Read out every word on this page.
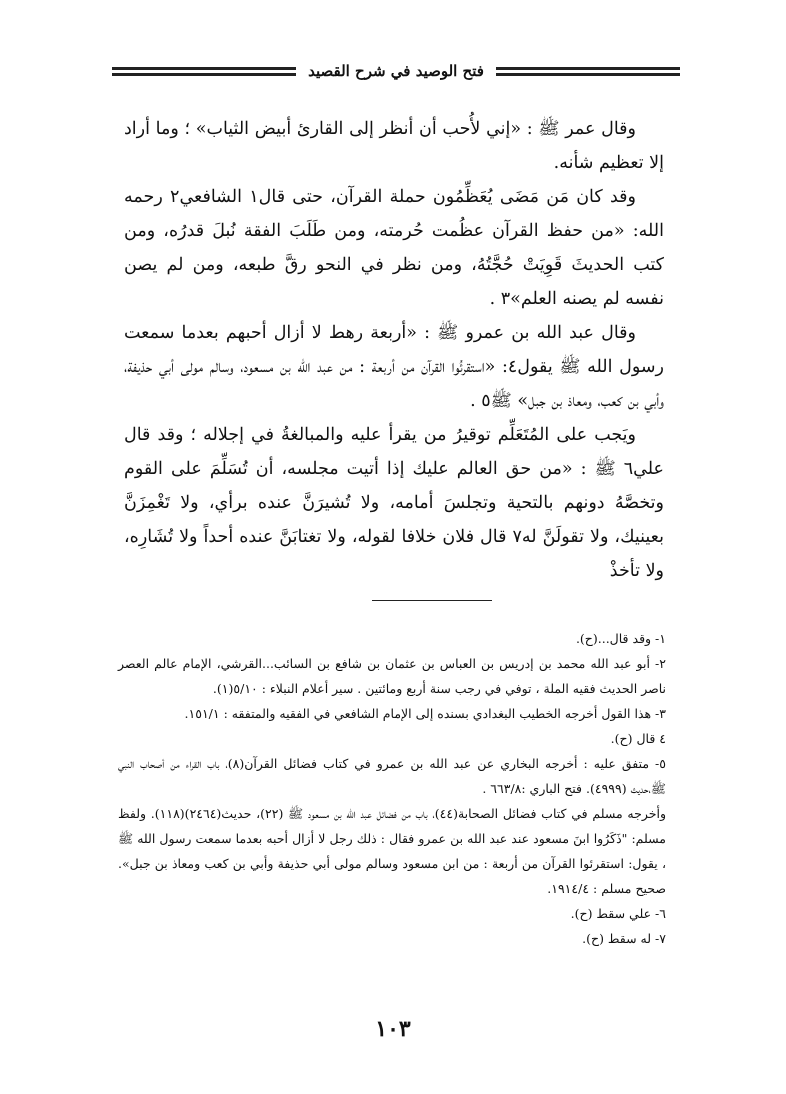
فتح الوصيد في شرح القصيد

وقال عمر ﷺ : «إني لأُحب أن أنظر إلى القارئ أبيض الثياب» ؛ وما أراد إلا تعظيم شأنه.

وقد كان مَن مَضَى يُعَظِّمُون حملة القرآن، حتى قال١ الشافعي٢ رحمه الله: «من حفظ القرآن عظُمت حُرمته، ومن طَلَبَ الفقة نُبلَ قدرُه، ومن كتب الحديثَ قَوِيَتْ حُجَّتُهُ، ومن نظر في النحو رقَّ طبعه، ومن لم يصن نفسه لم يصنه العلم»٣ .

وقال عبد الله بن عمرو ﷺ : «أربعة رهط لا أزال أحبهم بعدما سمعت رسول الله ﷺ يقول٤: «استقرئُوا القرآن من أربعة : من عبد الله بن مسعود، وسالم مولى أبي حذيفة، وأبي بن كعب، ومعاذ بن جبل» ﷺ٥ .

ويَجب على المُتَعَلِّم توقيرُ من يقرأ عليه والمبالغةُ في إجلاله ؛ وقد قال علي٦ ﷺ : «من حق العالم عليك إذا أتيت مجلسه، أن تُسَلِّمَ على القوم وتخصَّهُ دونهم بالتحية وتجلسَ أمامه، ولا تُشيرَنَّ عنده برأي، ولا تَغْمِزَنَّ بعينيك، ولا تقولَنَّ له٧ قال فلان خلافا لقوله، ولا تغتابَنَّ عنده أحداً ولا تُشَارِه، ولا تأخذْ

١- وقد قال...(ح).

٢- أبو عبد الله محمد بن إدريس بن العباس بن عثمان بن شافع بن السائب...القرشي، الإمام عالم العصر ناصر الحديث فقيه الملة ، توفي في رجب سنة أربع ومائتين . سير أعلام النبلاء : ٥/١٠(١).

٣- هذا القول أخرجه الخطيب البغدادي بسنده إلى الإمام الشافعي في الفقيه والمتفقه : ١٥١/١.

٤ قال (ح).

٥- متفق عليه : أخرجه البخاري عن عبد الله بن عمرو في كتاب فضائل القرآن(٨)، باب القراء من أصحاب النبي ﷺ،حديث (٤٩٩٩). فتح الباري :٦٦٣/٨ .

وأخرجه مسلم في كتاب فضائل الصحابة(٤٤)، باب من فضائل عبد الله بن مسعود ﷺ (٢٢)، حديث(٢٤٦٤)(١١٨). ولفظ مسلم: "ذَكَرُوا ابنَ مسعود عند عبد الله بن عمرو فقال : ذلك رجل لا أزال أحبه بعدما سمعت رسول الله ﷺ ، يقول: استقرئوا القرآن من أربعة : من ابن مسعود وسالم مولى أبي حذيفة وأبي بن كعب ومعاذ بن جبل». صحيح مسلم : ١٩١٤/٤.

٦- علي سقط (ح).

٧- له سقط (ح).

١٠٣
